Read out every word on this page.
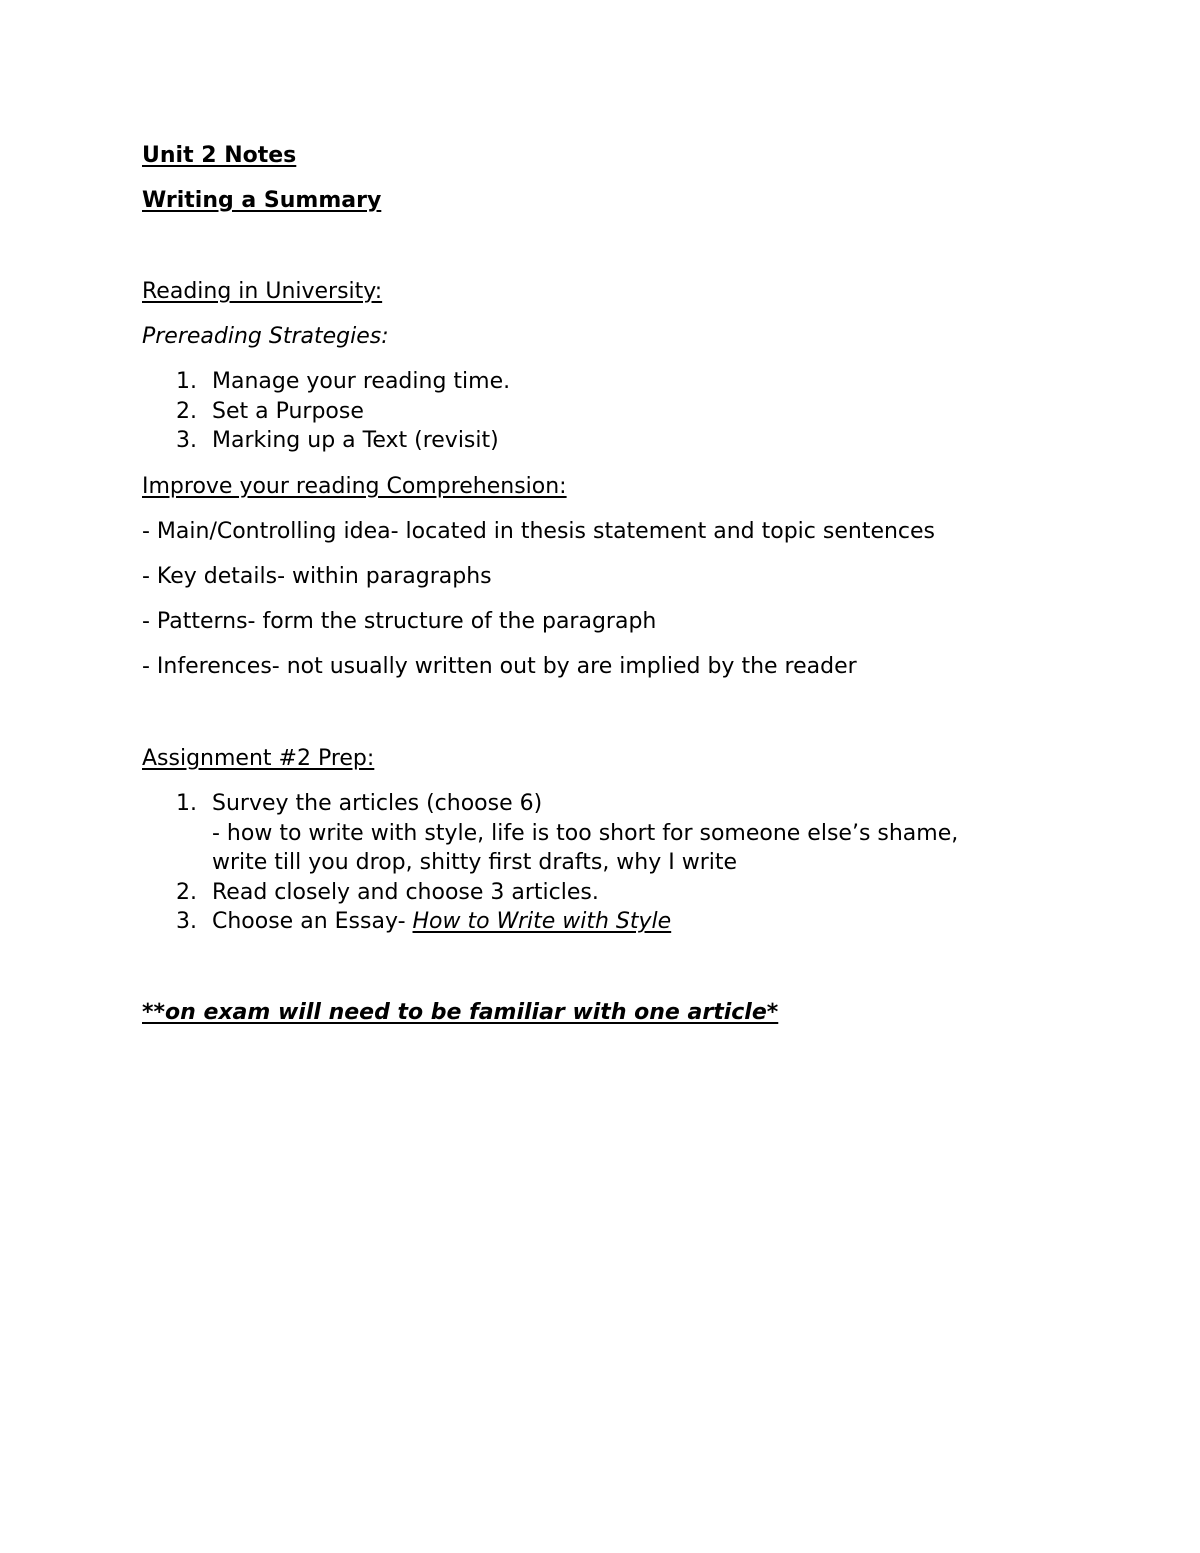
Unit 2 Notes
Writing a Summary
Reading in University:
Prereading Strategies:
1. Manage your reading time.
2. Set a Purpose
3. Marking up a Text (revisit)
Improve your reading Comprehension:
- Main/Controlling idea- located in thesis statement and topic sentences
- Key details- within paragraphs
- Patterns- form the structure of the paragraph
- Inferences- not usually written out by are implied by the reader
Assignment #2 Prep:
1. Survey the articles (choose 6)
- how to write with style, life is too short for someone else’s shame,
write till you drop, shitty first drafts, why I write
2. Read closely and choose 3 articles.
3. Choose an Essay- How to Write with Style
**on exam will need to be familiar with one article*
